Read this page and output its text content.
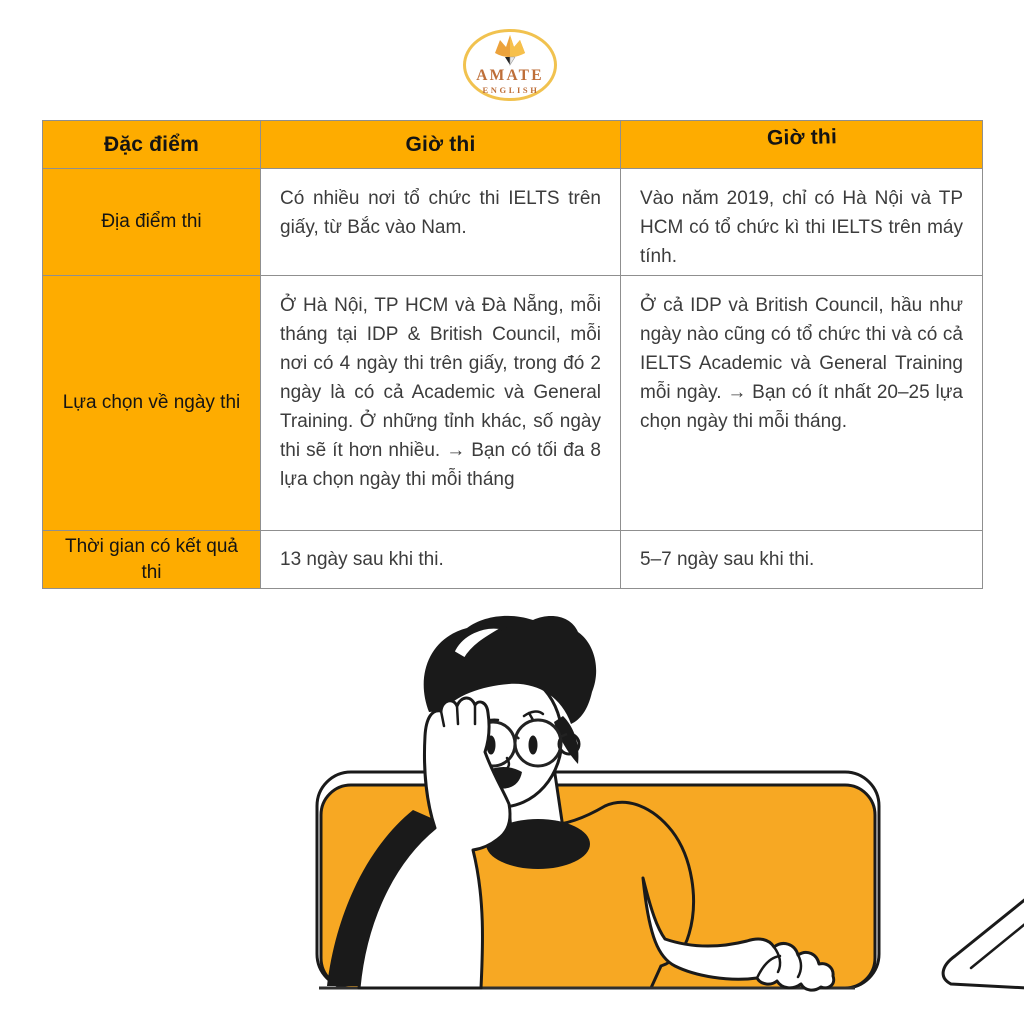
AMATE
ENGLISH
Đặc điểm	Giờ thi	Giờ thi
Địa điểm thi	Có nhiều nơi tổ chức thi IELTS trên giấy, từ Bắc vào Nam.	Vào năm 2019, chỉ có Hà Nội và TP HCM có tổ chức kì thi IELTS trên máy tính.
Lựa chọn về ngày thi	Ở Hà Nội, TP HCM và Đà Nẵng, mỗi tháng tại IDP & British Council, mỗi nơi có 4 ngày thi trên giấy, trong đó 2 ngày là có cả Academic và General Training. Ở những tỉnh khác, số ngày thi sẽ ít hơn nhiều. → Bạn có tối đa 8 lựa chọn ngày thi mỗi tháng	Ở cả IDP và British Council, hầu như ngày nào cũng có tổ chức thi và có cả IELTS Academic và General Training mỗi ngày. → Bạn có ít nhất 20–25 lựa chọn ngày thi mỗi tháng.
Thời gian có kết quả thi	13 ngày sau khi thi.	5–7 ngày sau khi thi.
